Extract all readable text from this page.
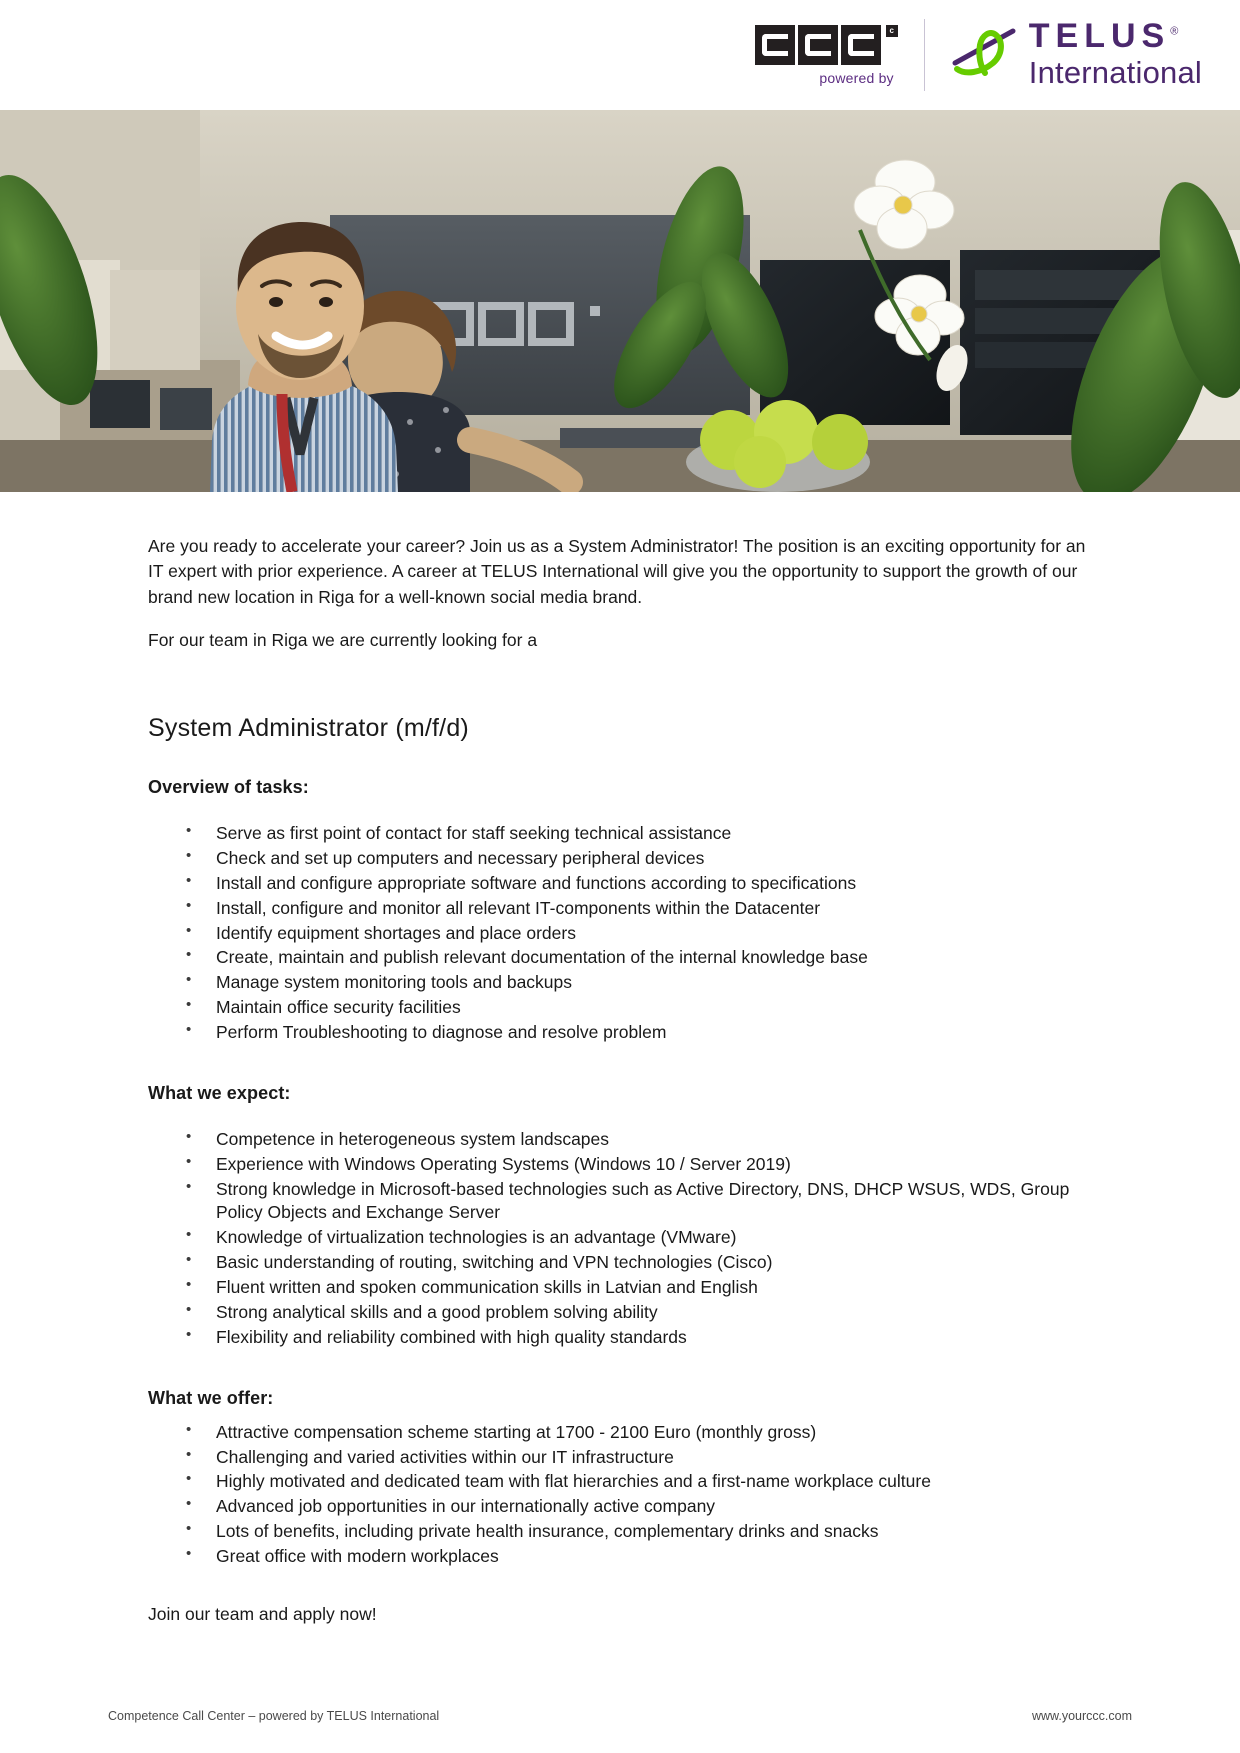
c
powered by
TELUS®
International

Are you ready to accelerate your career? Join us as a System Administrator! The position is an exciting opportunity for an IT expert with prior experience. A career at TELUS International will give you the opportunity to support the growth of our brand new location in Riga for a well-known social media brand.

For our team in Riga we are currently looking for a

System Administrator (m/f/d)
Overview of tasks:
• Serve as first point of contact for staff seeking technical assistance
• Check and set up computers and necessary peripheral devices
• Install and configure appropriate software and functions according to specifications
• Install, configure and monitor all relevant IT-components within the Datacenter
• Identify equipment shortages and place orders
• Create, maintain and publish relevant documentation of the internal knowledge base
• Manage system monitoring tools and backups
• Maintain office security facilities
• Perform Troubleshooting to diagnose and resolve problem
What we expect:
• Competence in heterogeneous system landscapes
• Experience with Windows Operating Systems (Windows 10 / Server 2019)
• Strong knowledge in Microsoft-based technologies such as Active Directory, DNS, DHCP WSUS, WDS, Group Policy Objects and Exchange Server
• Knowledge of virtualization technologies is an advantage (VMware)
• Basic understanding of routing, switching and VPN technologies (Cisco)
• Fluent written and spoken communication skills in Latvian and English
• Strong analytical skills and a good problem solving ability
• Flexibility and reliability combined with high quality standards
What we offer:
• Attractive compensation scheme starting at 1700 - 2100 Euro (monthly gross)
• Challenging and varied activities within our IT infrastructure
• Highly motivated and dedicated team with flat hierarchies and a first-name workplace culture
• Advanced job opportunities in our internationally active company
• Lots of benefits, including private health insurance, complementary drinks and snacks
• Great office with modern workplaces

Join our team and apply now!

Competence Call Center – powered by TELUS International	www.yourccc.com
